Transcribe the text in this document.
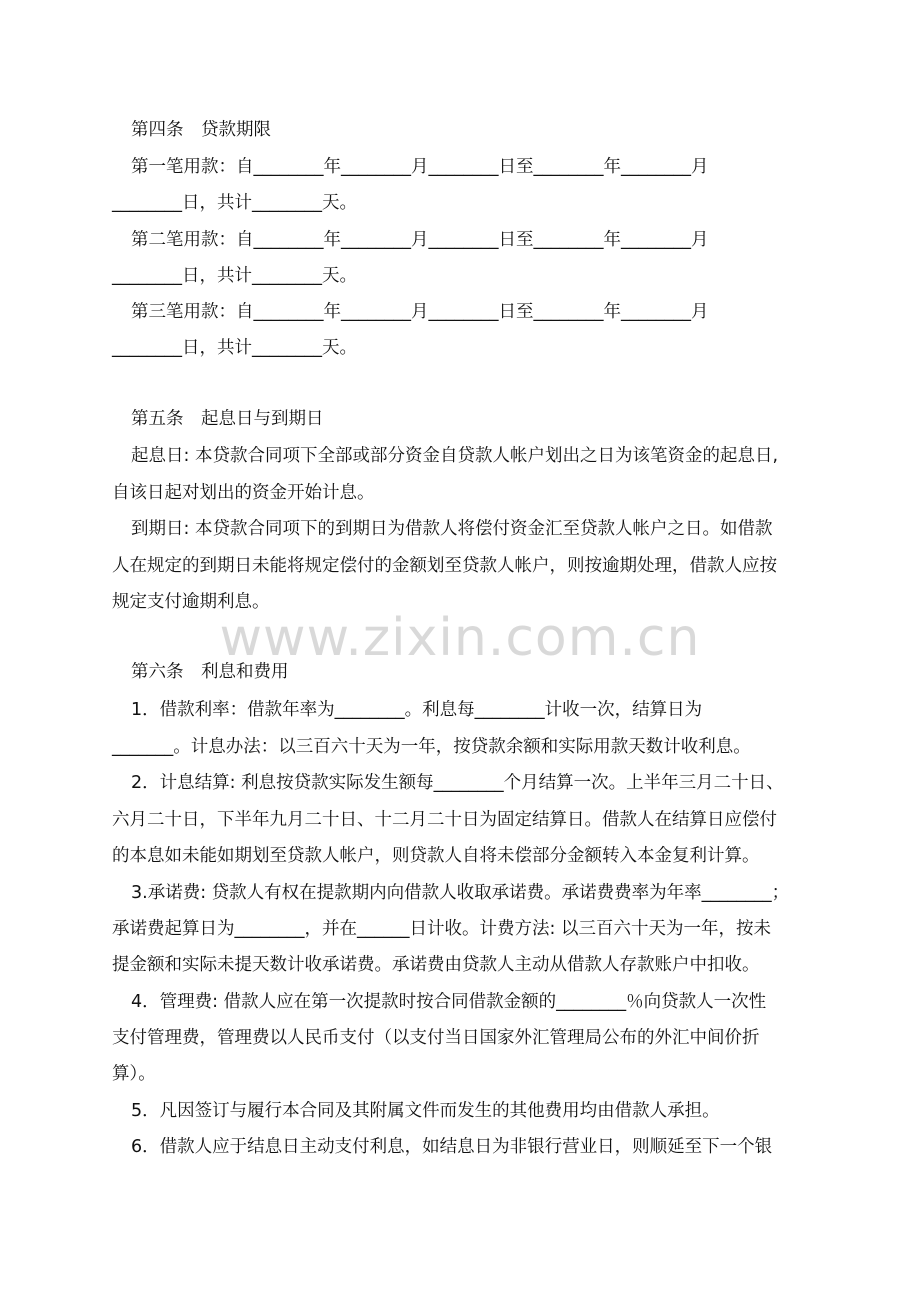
www.zixin.com.cn
第四条　贷款期限
第一笔用款：自________年________月________日至________年________月
________日，共计________天。
第二笔用款：自________年________月________日至________年________月
________日，共计________天。
第三笔用款：自________年________月________日至________年________月
________日，共计________天。
第五条　起息日与到期日
起息日: 本贷款合同项下全部或部分资金自贷款人帐户划出之日为该笔资金的起息日,
自该日起对划出的资金开始计息。
到期日: 本贷款合同项下的到期日为借款人将偿付资金汇至贷款人帐户之日。如借款
人在规定的到期日未能将规定偿付的金额划至贷款人帐户，则按逾期处理，借款人应按
规定支付逾期利息。
第六条　利息和费用
1．借款利率：借款年率为________。利息每________计收一次，结算日为
_______。计息办法：以三百六十天为一年，按贷款余额和实际用款天数计收利息。
2．计息结算: 利息按贷款实际发生额每________个月结算一次。上半年三月二十日、
六月二十日，下半年九月二十日、十二月二十日为固定结算日。借款人在结算日应偿付
的本息如未能如期划至贷款人帐户，则贷款人自将未偿部分金额转入本金复利计算。
3.承诺费: 贷款人有权在提款期内向借款人收取承诺费。承诺费费率为年率________；
承诺费起算日为________，并在______日计收。计费方法: 以三百六十天为一年，按未
提金额和实际未提天数计收承诺费。承诺费由贷款人主动从借款人存款账户中扣收。
4．管理费: 借款人应在第一次提款时按合同借款金额的________％向贷款人一次性
支付管理费，管理费以人民币支付（以支付当日国家外汇管理局公布的外汇中间价折
算）。
5．凡因签订与履行本合同及其附属文件而发生的其他费用均由借款人承担。
6．借款人应于结息日主动支付利息，如结息日为非银行营业日，则顺延至下一个银
